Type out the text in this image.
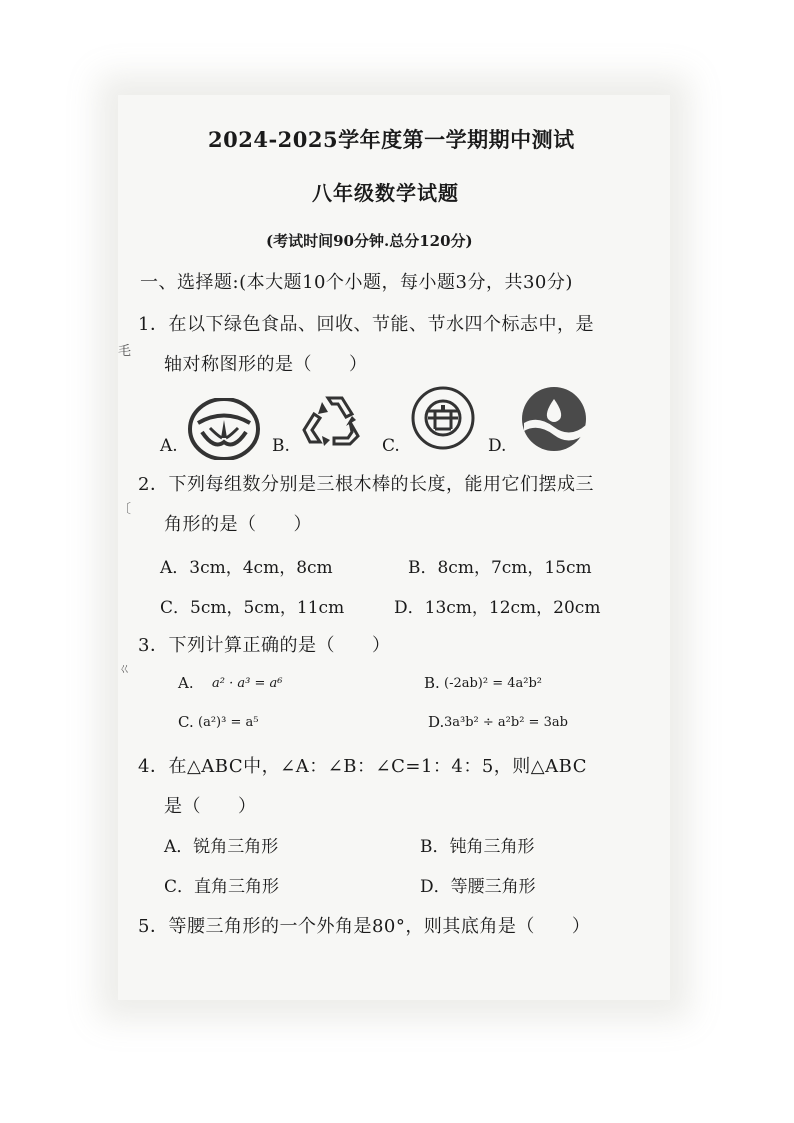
2024-2025学年度第一学期期中测试
八年级数学试题
(考试时间90分钟.总分120分)
一、选择题:(本大题10个小题，每小题3分，共30分)
毛
〔
ㄍ
1．在以下绿色食品、回收、节能、节水四个标志中，是
轴对称图形的是（　　）
A.	B.	C.	D.
2．下列每组数分别是三根木棒的长度，能用它们摆成三
角形的是（　　）
A．3cm，4cm，8cm	B．8cm，7cm，15cm
C．5cm，5cm，11cm	D．13cm，12cm，20cm
3．下列计算正确的是（　　）
A. a² · a³ = a⁶	B. (-2ab)² = 4a²b²
C. (a²)³ = a⁵	D. 3a³b² ÷ a²b² = 3ab
4．在△ABC中，∠A：∠B：∠C=1：4：5，则△ABC
是（　　）
A．锐角三角形	B．钝角三角形
C．直角三角形	D．等腰三角形
5．等腰三角形的一个外角是80°，则其底角是（　　）
